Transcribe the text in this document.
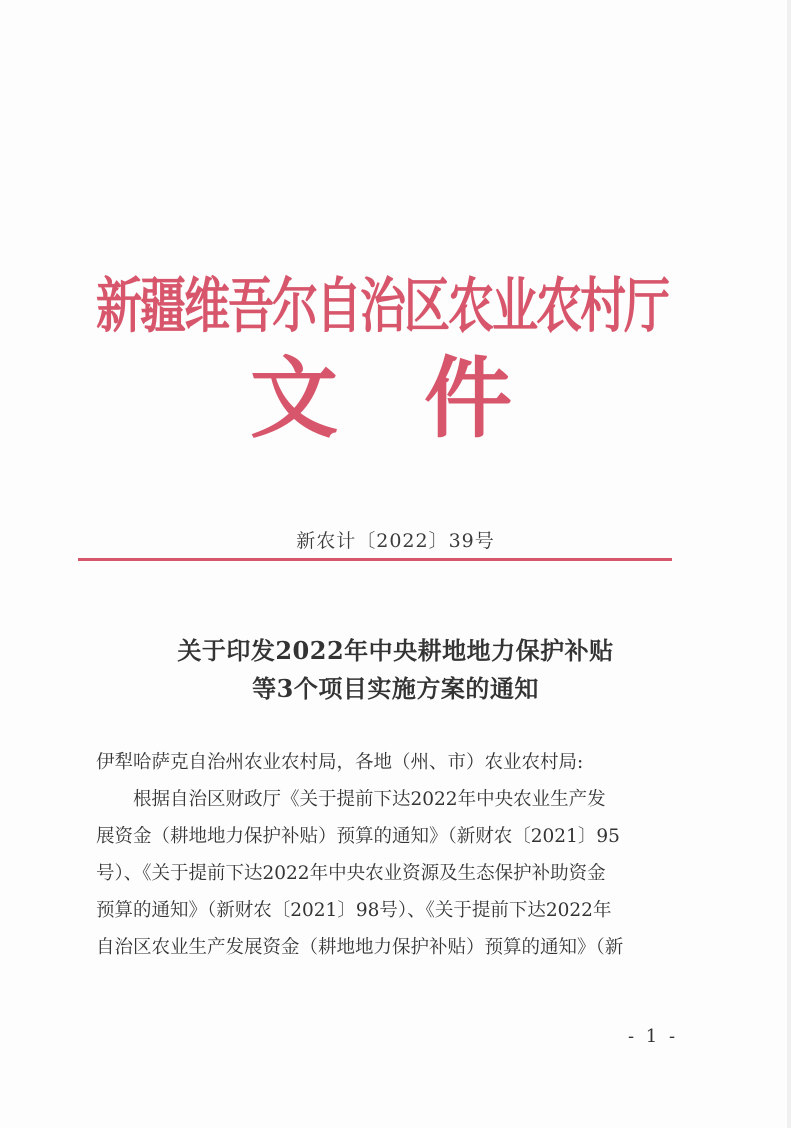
新疆维吾尔自治区农业农村厅
文件
新农计〔2022〕39号
关于印发2022年中央耕地地力保护补贴
等3个项目实施方案的通知
伊犁哈萨克自治州农业农村局，各地（州、市）农业农村局:
根据自治区财政厅《关于提前下达2022年中央农业生产发
展资金（耕地地力保护补贴）预算的通知》（新财农〔2021〕95
号）、《关于提前下达2022年中央农业资源及生态保护补助资金
预算的通知》（新财农〔2021〕98号）、《关于提前下达2022年
自治区农业生产发展资金（耕地地力保护补贴）预算的通知》（新
- 1 -
